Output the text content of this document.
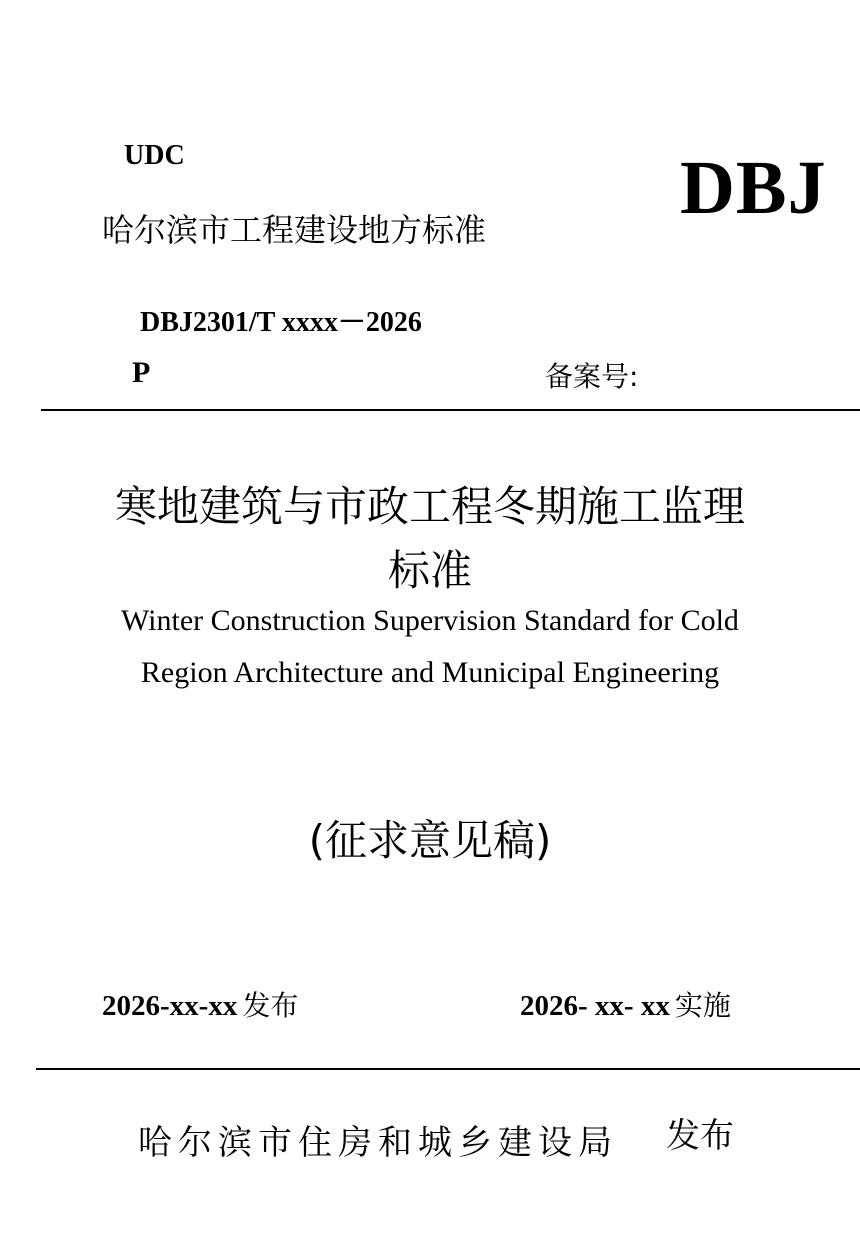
UDC
哈尔滨市工程建设地方标准	DBJ
DBJ2301/T xxxx－2026
P	备案号:
寒地建筑与市政工程冬期施工监理
标准
Winter Construction Supervision Standard for Cold
Region Architecture and Municipal Engineering
(征求意见稿)
2026-xx-xx 发布	2026- xx- xx 实施
哈尔滨市住房和城乡建设局 发布
